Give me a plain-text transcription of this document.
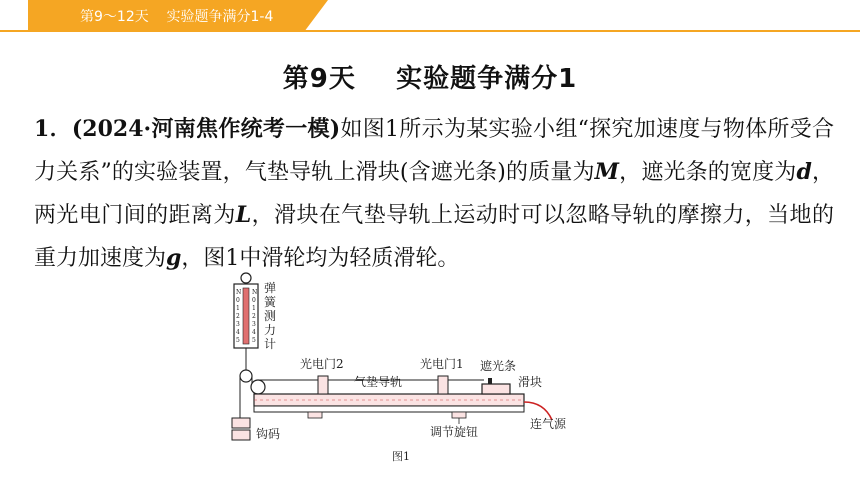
第9～12天    实验题争满分1-4
第9天    实验题争满分1
1．(2024·河南焦作统考一模)如图1所示为某实验小组“探究加速度与物体所受合力关系”的实验装置，气垫导轨上滑块(含遮光条)的质量为M，遮光条的宽度为d，两光电门间的距离为L，滑块在气垫导轨上运动时可以忽略导轨的摩擦力，当地的重力加速度为g，图1中滑轮均为轻质滑轮。
N
0
1
2
3
4
5
N
0
1
2
3
4
5
弹
簧
测
力
计
钩码	调节旋钮
光电门2	光电门1
气垫导轨
遮光条
滑块
连气源
图1
